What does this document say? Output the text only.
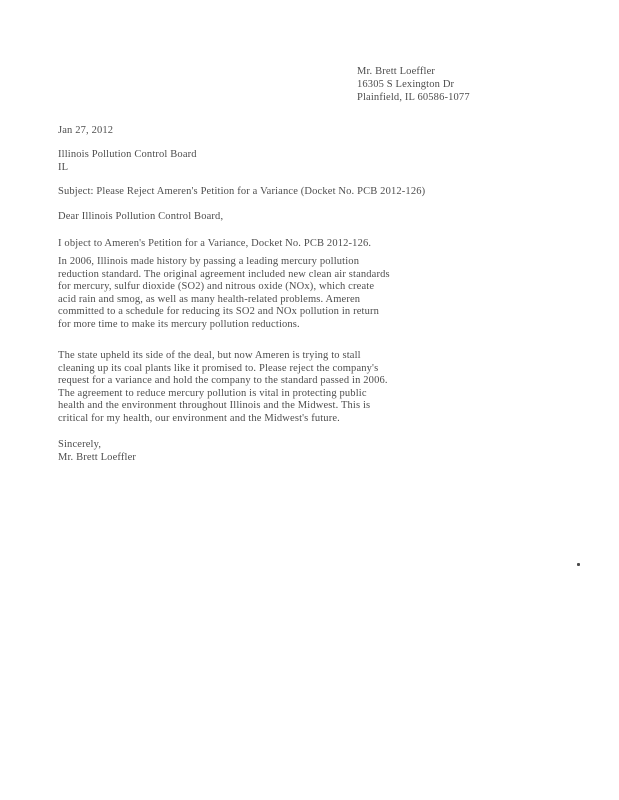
Mr. Brett Loeffler
16305 S Lexington Dr
Plainfield, IL 60586-1077
Jan 27, 2012
Illinois Pollution Control Board
IL
Subject: Please Reject Ameren's Petition for a Variance (Docket No. PCB 2012-126)
Dear Illinois Pollution Control Board,
I object to Ameren's Petition for a Variance, Docket No. PCB 2012-126.
In 2006, Illinois made history by passing a leading mercury pollution reduction standard. The original agreement included new clean air standards for mercury, sulfur dioxide (SO2) and nitrous oxide (NOx), which create acid rain and smog, as well as many health-related problems. Ameren committed to a schedule for reducing its SO2 and NOx pollution in return for more time to make its mercury pollution reductions.
The state upheld its side of the deal, but now Ameren is trying to stall cleaning up its coal plants like it promised to. Please reject the company's request for a variance and hold the company to the standard passed in 2006. The agreement to reduce mercury pollution is vital in protecting public health and the environment throughout Illinois and the Midwest. This is critical for my health, our environment and the Midwest's future.
Sincerely,
Mr. Brett Loeffler
